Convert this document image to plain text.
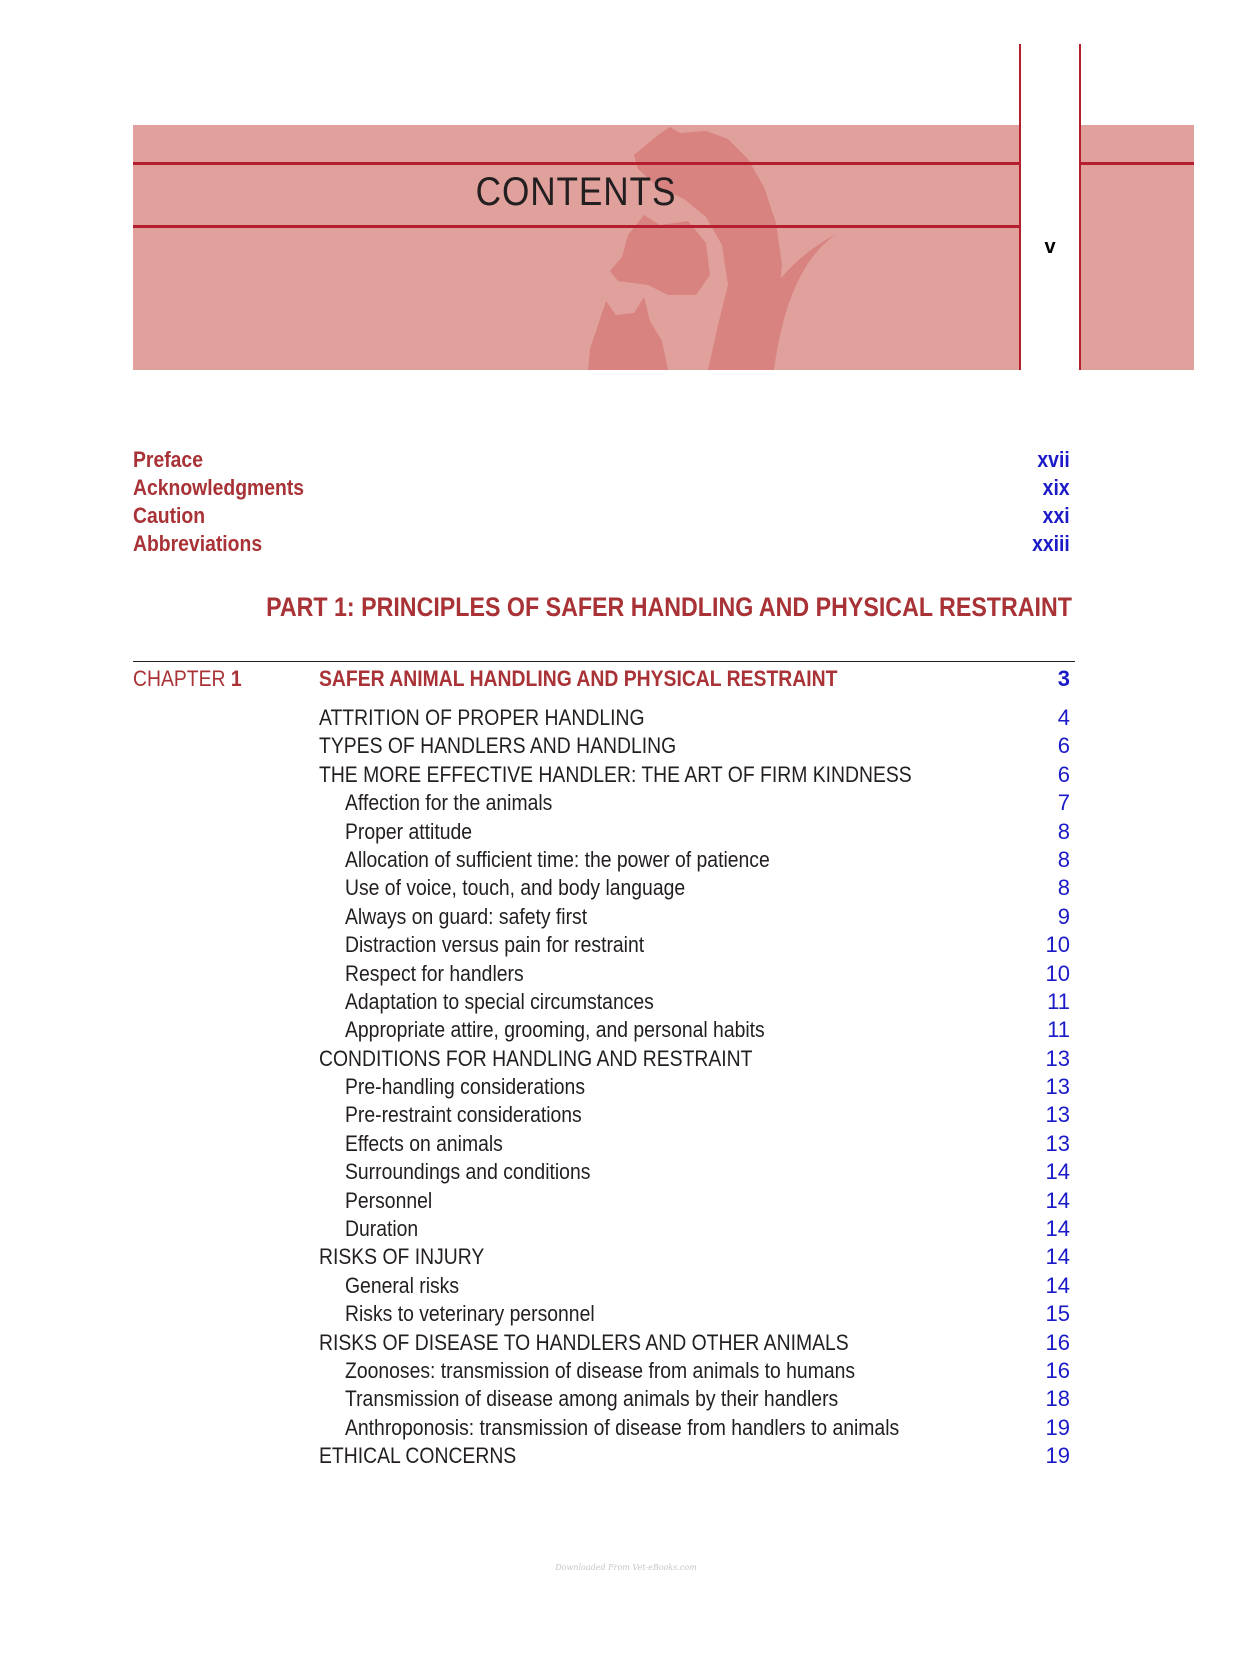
CONTENTS
v
Preface	xvii
Acknowledgments	xix
Caution	xxi
Abbreviations	xxiii
PART 1: PRINCIPLES OF SAFER HANDLING AND PHYSICAL RESTRAINT
CHAPTER 1	SAFER ANIMAL HANDLING AND PHYSICAL RESTRAINT	3
ATTRITION OF PROPER HANDLING	4
TYPES OF HANDLERS AND HANDLING	6
THE MORE EFFECTIVE HANDLER: THE ART OF FIRM KINDNESS	6
Affection for the animals	7
Proper attitude	8
Allocation of sufficient time: the power of patience	8
Use of voice, touch, and body language	8
Always on guard: safety first	9
Distraction versus pain for restraint	10
Respect for handlers	10
Adaptation to special circumstances	11
Appropriate attire, grooming, and personal habits	11
CONDITIONS FOR HANDLING AND RESTRAINT	13
Pre-handling considerations	13
Pre-restraint considerations	13
Effects on animals	13
Surroundings and conditions	14
Personnel	14
Duration	14
RISKS OF INJURY	14
General risks	14
Risks to veterinary personnel	15
RISKS OF DISEASE TO HANDLERS AND OTHER ANIMALS	16
Zoonoses: transmission of disease from animals to humans	16
Transmission of disease among animals by their handlers	18
Anthroponosis: transmission of disease from handlers to animals	19
ETHICAL CONCERNS	19
Downloaded From Vet-eBooks.com
